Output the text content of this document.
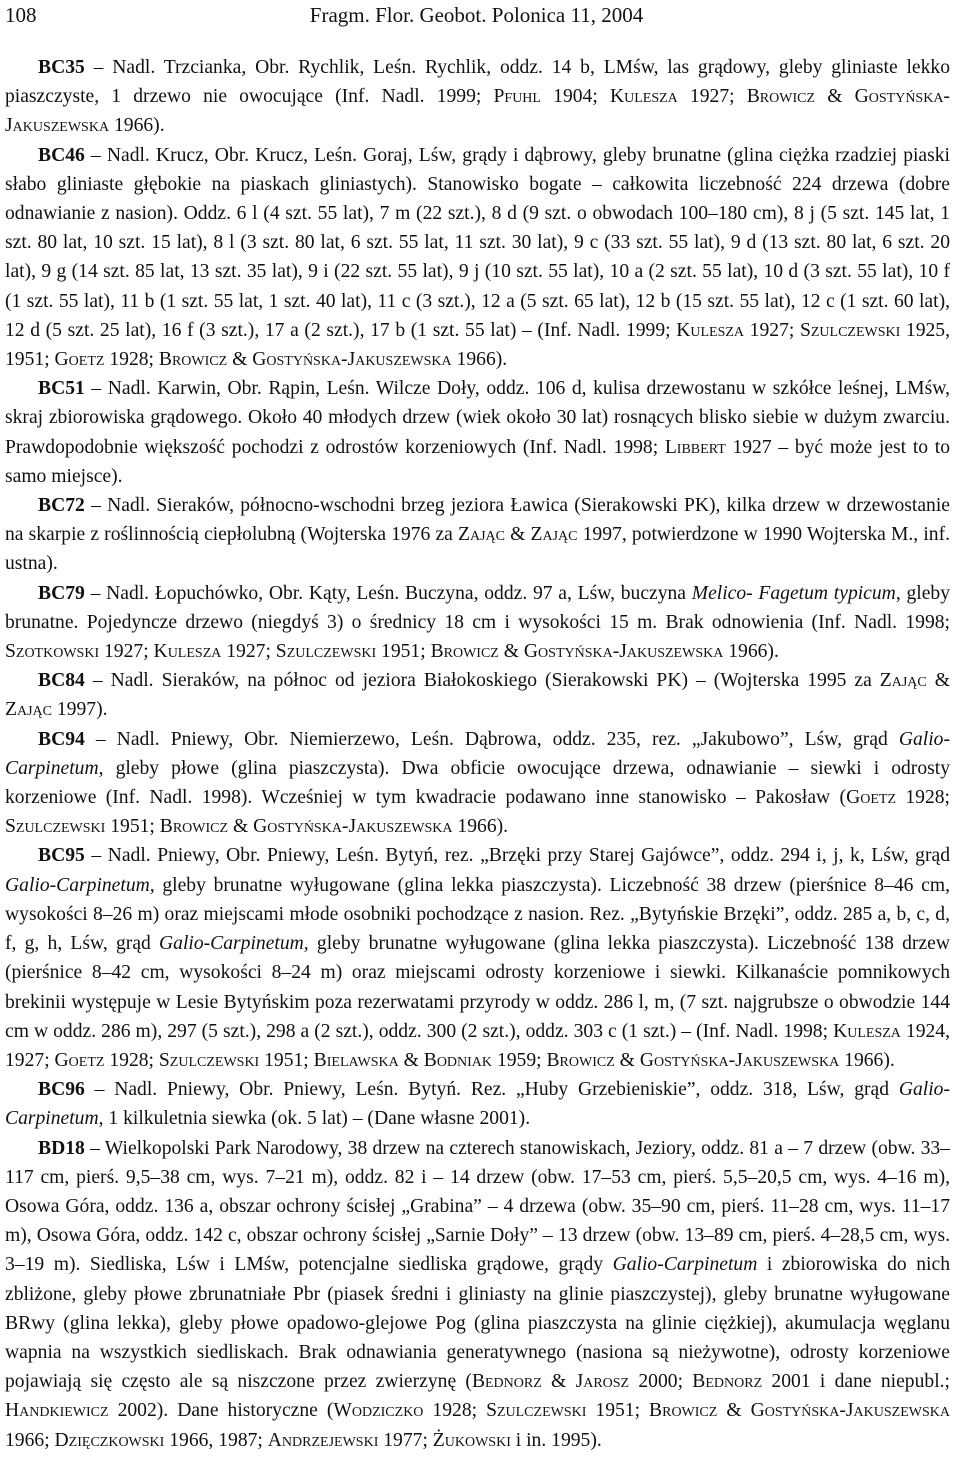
108	Fragm. Flor. Geobot. Polonica 11, 2004

BC35 – Nadl. Trzcianka, Obr. Rychlik, Leśn. Rychlik, oddz. 14 b, LMśw, las grądowy, gleby gliniaste lekko piaszczyste, 1 drzewo nie owocujące (Inf. Nadl. 1999; Pfuhl 1904; Kulesza 1927; Browicz & Gostyńska-Jakuszewska 1966).

BC46 – Nadl. Krucz, Obr. Krucz, Leśn. Goraj, Lśw, grądy i dąbrowy, gleby brunatne (glina ciężka rzadziej piaski słabo gliniaste głębokie na piaskach gliniastych). Stanowisko bogate – całkowita liczebność 224 drzewa (dobre odnawianie z nasion). Oddz. 6 l (4 szt. 55 lat), 7 m (22 szt.), 8 d (9 szt. o obwodach 100–180 cm), 8 j (5 szt. 145 lat, 1 szt. 80 lat, 10 szt. 15 lat), 8 l (3 szt. 80 lat, 6 szt. 55 lat, 11 szt. 30 lat), 9 c (33 szt. 55 lat), 9 d (13 szt. 80 lat, 6 szt. 20 lat), 9 g (14 szt. 85 lat, 13 szt. 35 lat), 9 i (22 szt. 55 lat), 9 j (10 szt. 55 lat), 10 a (2 szt. 55 lat), 10 d (3 szt. 55 lat), 10 f (1 szt. 55 lat), 11 b (1 szt. 55 lat, 1 szt. 40 lat), 11 c (3 szt.), 12 a (5 szt. 65 lat), 12 b (15 szt. 55 lat), 12 c (1 szt. 60 lat), 12 d (5 szt. 25 lat), 16 f (3 szt.), 17 a (2 szt.), 17 b (1 szt. 55 lat) – (Inf. Nadl. 1999; Kulesza 1927; Szulczewski 1925, 1951; Goetz 1928; Browicz & Gostyńska-Jakuszewska 1966).

BC51 – Nadl. Karwin, Obr. Rąpin, Leśn. Wilcze Doły, oddz. 106 d, kulisa drzewostanu w szkółce leśnej, LMśw, skraj zbiorowiska grądowego. Około 40 młodych drzew (wiek około 30 lat) rosnących blisko siebie w dużym zwarciu. Prawdopodobnie większość pochodzi z odrostów korzeniowych (Inf. Nadl. 1998; Libbert 1927 – być może jest to to samo miejsce).

BC72 – Nadl. Sieraków, północno-wschodni brzeg jeziora Ławica (Sierakowski PK), kilka drzew w drzewostanie na skarpie z roślinnością ciepłolubną (Wojterska 1976 za Zając & Zając 1997, potwierdzone w 1990 Wojterska M., inf. ustna).

BC79 – Nadl. Łopuchówko, Obr. Kąty, Leśn. Buczyna, oddz. 97 a, Lśw, buczyna Melico- Fagetum typicum, gleby brunatne. Pojedyncze drzewo (niegdyś 3) o średnicy 18 cm i wysokości 15 m. Brak odnowienia (Inf. Nadl. 1998; Szotkowski 1927; Kulesza 1927; Szulczewski 1951; Browicz & Gostyńska-Jakuszewska 1966).

BC84 – Nadl. Sieraków, na północ od jeziora Białokoskiego (Sierakowski PK) – (Wojterska 1995 za Zając & Zając 1997).

BC94 – Nadl. Pniewy, Obr. Niemierzewo, Leśn. Dąbrowa, oddz. 235, rez. „Jakubowo”, Lśw, grąd Galio-Carpinetum, gleby płowe (glina piaszczysta). Dwa obficie owocujące drzewa, odnawianie – siewki i odrosty korzeniowe (Inf. Nadl. 1998). Wcześniej w tym kwadracie podawano inne stanowisko – Pakosław (Goetz 1928; Szulczewski 1951; Browicz & Gostyńska-Jakuszewska 1966).

BC95 – Nadl. Pniewy, Obr. Pniewy, Leśn. Bytyń, rez. „Brzęki przy Starej Gajówce”, oddz. 294 i, j, k, Lśw, grąd Galio-Carpinetum, gleby brunatne wyługowane (glina lekka piaszczysta). Liczebność 38 drzew (pierśnice 8–46 cm, wysokości 8–26 m) oraz miejscami młode osobniki pochodzące z nasion. Rez. „Bytyńskie Brzęki”, oddz. 285 a, b, c, d, f, g, h, Lśw, grąd Galio-Carpinetum, gleby brunatne wyługowane (glina lekka piaszczysta). Liczebność 138 drzew (pierśnice 8–42 cm, wysokości 8–24 m) oraz miejscami odrosty korzeniowe i siewki. Kilkanaście pomnikowych brekinii występuje w Lesie Bytyńskim poza rezerwatami przyrody w oddz. 286 l, m, (7 szt. najgrubsze o obwodzie 144 cm w oddz. 286 m), 297 (5 szt.), 298 a (2 szt.), oddz. 300 (2 szt.), oddz. 303 c (1 szt.) – (Inf. Nadl. 1998; Kulesza 1924, 1927; Goetz 1928; Szulczewski 1951; Bielawska & Bodniak 1959; Browicz & Gostyńska-Jakuszewska 1966).

BC96 – Nadl. Pniewy, Obr. Pniewy, Leśn. Bytyń. Rez. „Huby Grzebieniskie”, oddz. 318, Lśw, grąd Galio-Carpinetum, 1 kilkuletnia siewka (ok. 5 lat) – (Dane własne 2001).

BD18 – Wielkopolski Park Narodowy, 38 drzew na czterech stanowiskach, Jeziory, oddz. 81 a – 7 drzew (obw. 33–117 cm, pierś. 9,5–38 cm, wys. 7–21 m), oddz. 82 i – 14 drzew (obw. 17–53 cm, pierś. 5,5–20,5 cm, wys. 4–16 m), Osowa Góra, oddz. 136 a, obszar ochrony ścisłej „Grabina” – 4 drzewa (obw. 35–90 cm, pierś. 11–28 cm, wys. 11–17 m), Osowa Góra, oddz. 142 c, obszar ochrony ścisłej „Sarnie Doły” – 13 drzew (obw. 13–89 cm, pierś. 4–28,5 cm, wys. 3–19 m). Siedliska, Lśw i LMśw, potencjalne siedliska grądowe, grądy Galio-Carpinetum i zbiorowiska do nich zbliżone, gleby płowe zbrunatniałe Pbr (piasek średni i gliniasty na glinie piaszczystej), gleby brunatne wyługowane BRwy (glina lekka), gleby płowe opadowo-glejowe Pog (glina piaszczysta na glinie ciężkiej), akumulacja węglanu wapnia na wszystkich siedliskach. Brak odnawiania generatywnego (nasiona są nieżywotne), odrosty korzeniowe pojawiają się często ale są niszczone przez zwierzynę (Bednorz & Jarosz 2000; Bednorz 2001 i dane niepubl.; Handkiewicz 2002). Dane historyczne (Wodziczko 1928; Szulczewski 1951; Browicz & Gostyńska-Jakuszewska 1966; Dzięczkowski 1966, 1987; Andrzejewski 1977; Żukowski i in. 1995).
